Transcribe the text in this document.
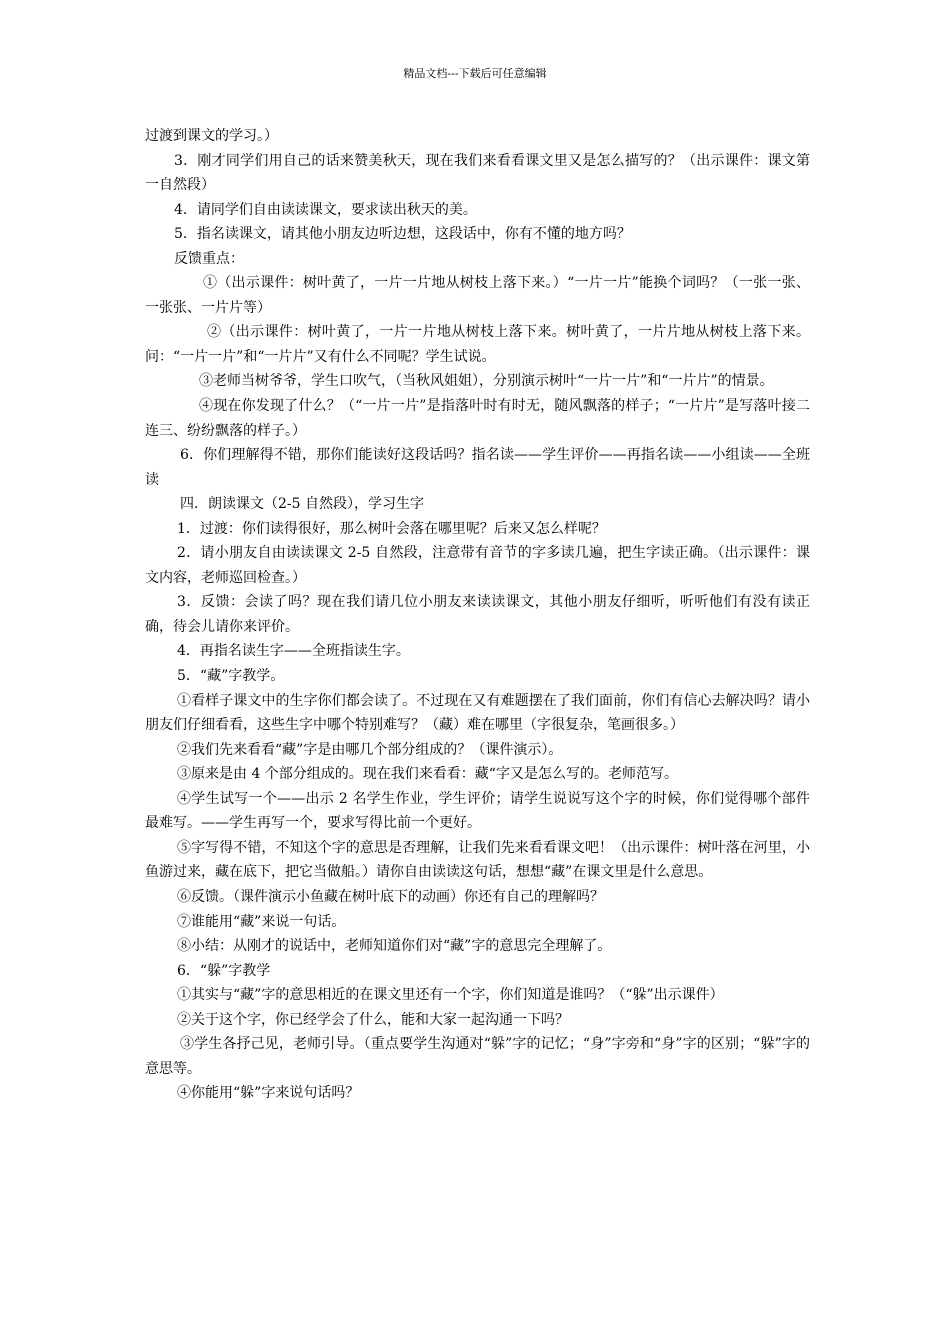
精品文档---下载后可任意编辑

过渡到课文的学习。）

3．刚才同学们用自己的话来赞美秋天，现在我们来看看课文里又是怎么描写的？（出示课件：课文第一自然段）

4．请同学们自由读读课文，要求读出秋天的美。

5．指名读课文，请其他小朋友边听边想，这段话中，你有不懂的地方吗？

反馈重点：

①（出示课件：树叶黄了，一片一片地从树枝上落下来。）“一片一片”能换个词吗？（一张一张、一张张、一片片等）

②（出示课件：树叶黄了，一片一片地从树枝上落下来。树叶黄了，一片片地从树枝上落下来。问：“一片一片”和“一片片”又有什么不同呢？学生试说。

③老师当树爷爷，学生口吹气，（当秋风姐姐），分别演示树叶“一片一片”和“一片片”的情景。

④现在你发现了什么？（“一片一片”是指落叶时有时无，随风飘落的样子；“一片片”是写落叶接二连三、纷纷飘落的样子。）

6．你们理解得不错，那你们能读好这段话吗？指名读——学生评价——再指名读——小组读——全班读

四．朗读课文（2-5 自然段），学习生字

1．过渡：你们读得很好，那么树叶会落在哪里呢？后来又怎么样呢？

2．请小朋友自由读读课文 2-5 自然段，注意带有音节的字多读几遍，把生字读正确。（出示课件：课文内容，老师巡回检查。）

3．反馈：会读了吗？现在我们请几位小朋友来读读课文，其他小朋友仔细听，听听他们有没有读正确，待会儿请你来评价。

4．再指名读生字——全班指读生字。

5．“藏”字教学。

①看样子课文中的生字你们都会读了。不过现在又有难题摆在了我们面前，你们有信心去解决吗？请小朋友们仔细看看，这些生字中哪个特别难写？（藏）难在哪里（字很复杂，笔画很多。）

②我们先来看看“藏”字是由哪几个部分组成的？（课件演示）。

③原来是由 4 个部分组成的。现在我们来看看：藏“字又是怎么写的。老师范写。

④学生试写一个——出示 2 名学生作业，学生评价；请学生说说写这个字的时候，你们觉得哪个部件最难写。——学生再写一个，要求写得比前一个更好。

⑤字写得不错，不知这个字的意思是否理解，让我们先来看看课文吧！（出示课件：树叶落在河里，小鱼游过来，藏在底下，把它当做船。）请你自由读读这句话，想想“藏”在课文里是什么意思。

⑥反馈。（课件演示小鱼藏在树叶底下的动画）你还有自己的理解吗？

⑦谁能用“藏”来说一句话。

⑧小结：从刚才的说话中，老师知道你们对“藏”字的意思完全理解了。

6．“躲”字教学

①其实与“藏”字的意思相近的在课文里还有一个字，你们知道是谁吗？（“躲”出示课件）

②关于这个字，你已经学会了什么，能和大家一起沟通一下吗？

③学生各抒己见，老师引导。（重点要学生沟通对“躲”字的记忆；“身”字旁和“身”字的区别；“躲”字的意思等。

④你能用“躲”字来说句话吗？
